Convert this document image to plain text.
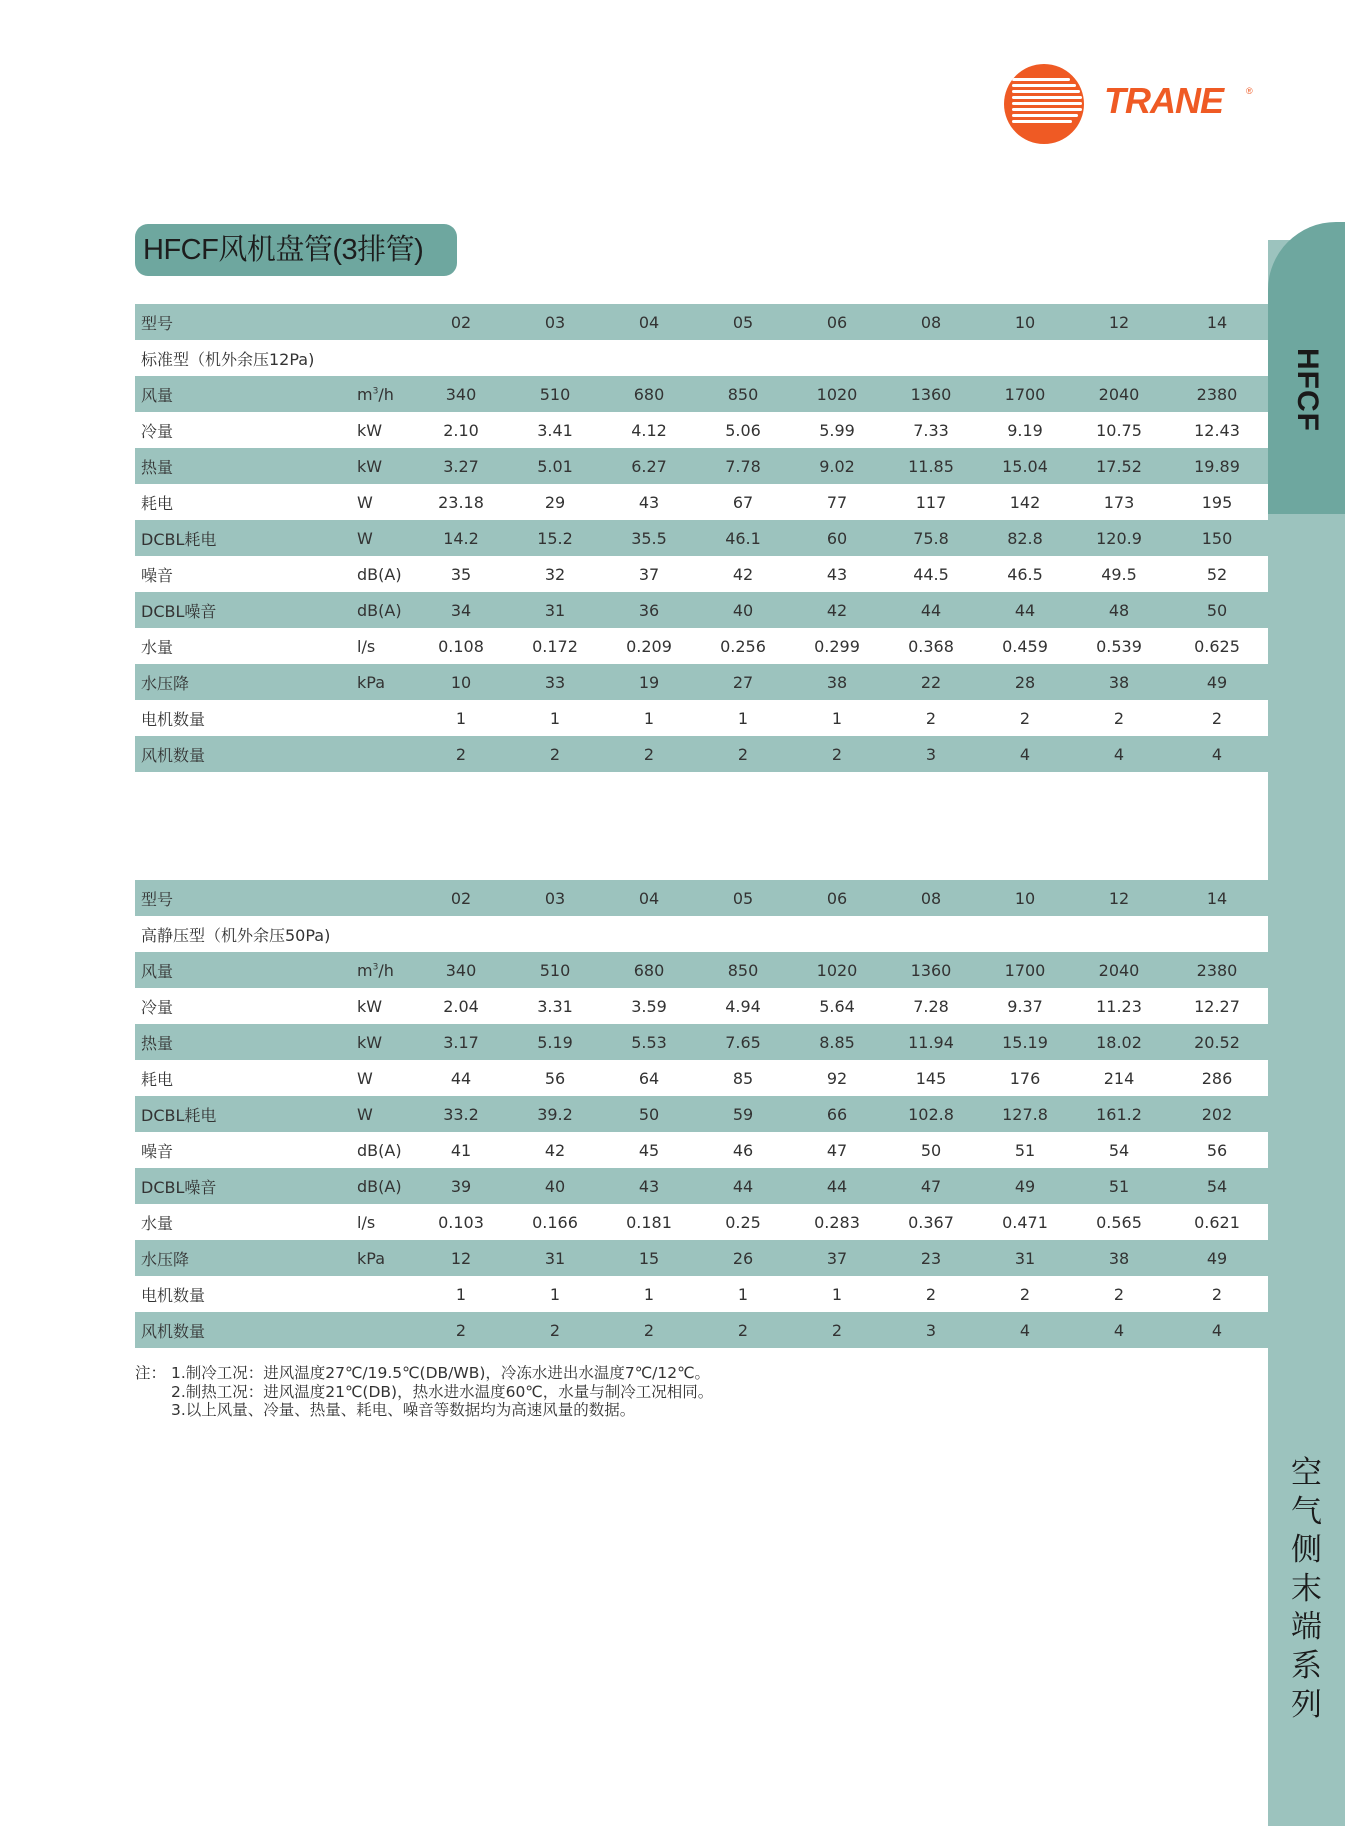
TRANE	®
HFCF风机盘管(3排管)
HFCF
空
气
侧
末
端
系
列
型号		02	03	04	05	06	08	10	12	14
标准型（机外余压12Pa)										
风量	$m^3/h$	340	510	680	850	1020	1360	1700	2040	2380
冷量	kW	2.10	3.41	4.12	5.06	5.99	7.33	9.19	10.75	12.43
热量	kW	3.27	5.01	6.27	7.78	9.02	11.85	15.04	17.52	19.89
耗电	W	23.18	29	43	67	77	117	142	173	195
DCBL耗电	W	14.2	15.2	35.5	46.1	60	75.8	82.8	120.9	150
噪音	dB(A)	35	32	37	42	43	44.5	46.5	49.5	52
DCBL噪音	dB(A)	34	31	36	40	42	44	44	48	50
水量	l/s	0.108	0.172	0.209	0.256	0.299	0.368	0.459	0.539	0.625
水压降	kPa	10	33	19	27	38	22	28	38	49
电机数量		1	1	1	1	1	2	2	2	2
风机数量		2	2	2	2	2	3	4	4	4
型号		02	03	04	05	06	08	10	12	14
高静压型（机外余压50Pa)										
风量	$m^3/h$	340	510	680	850	1020	1360	1700	2040	2380
冷量	kW	2.04	3.31	3.59	4.94	5.64	7.28	9.37	11.23	12.27
热量	kW	3.17	5.19	5.53	7.65	8.85	11.94	15.19	18.02	20.52
耗电	W	44	56	64	85	92	145	176	214	286
DCBL耗电	W	33.2	39.2	50	59	66	102.8	127.8	161.2	202
噪音	dB(A)	41	42	45	46	47	50	51	54	56
DCBL噪音	dB(A)	39	40	43	44	44	47	49	51	54
水量	l/s	0.103	0.166	0.181	0.25	0.283	0.367	0.471	0.565	0.621
水压降	kPa	12	31	15	26	37	23	31	38	49
电机数量		1	1	1	1	1	2	2	2	2
风机数量		2	2	2	2	2	3	4	4	4
注： 1.制冷工况：进风温度27℃/19.5℃(DB/WB)，冷冻水进出水温度7℃/12℃。
2.制热工况：进风温度21℃(DB)，热水进水温度60℃，水量与制冷工况相同。
3.以上风量、冷量、热量、耗电、噪音等数据均为高速风量的数据。
